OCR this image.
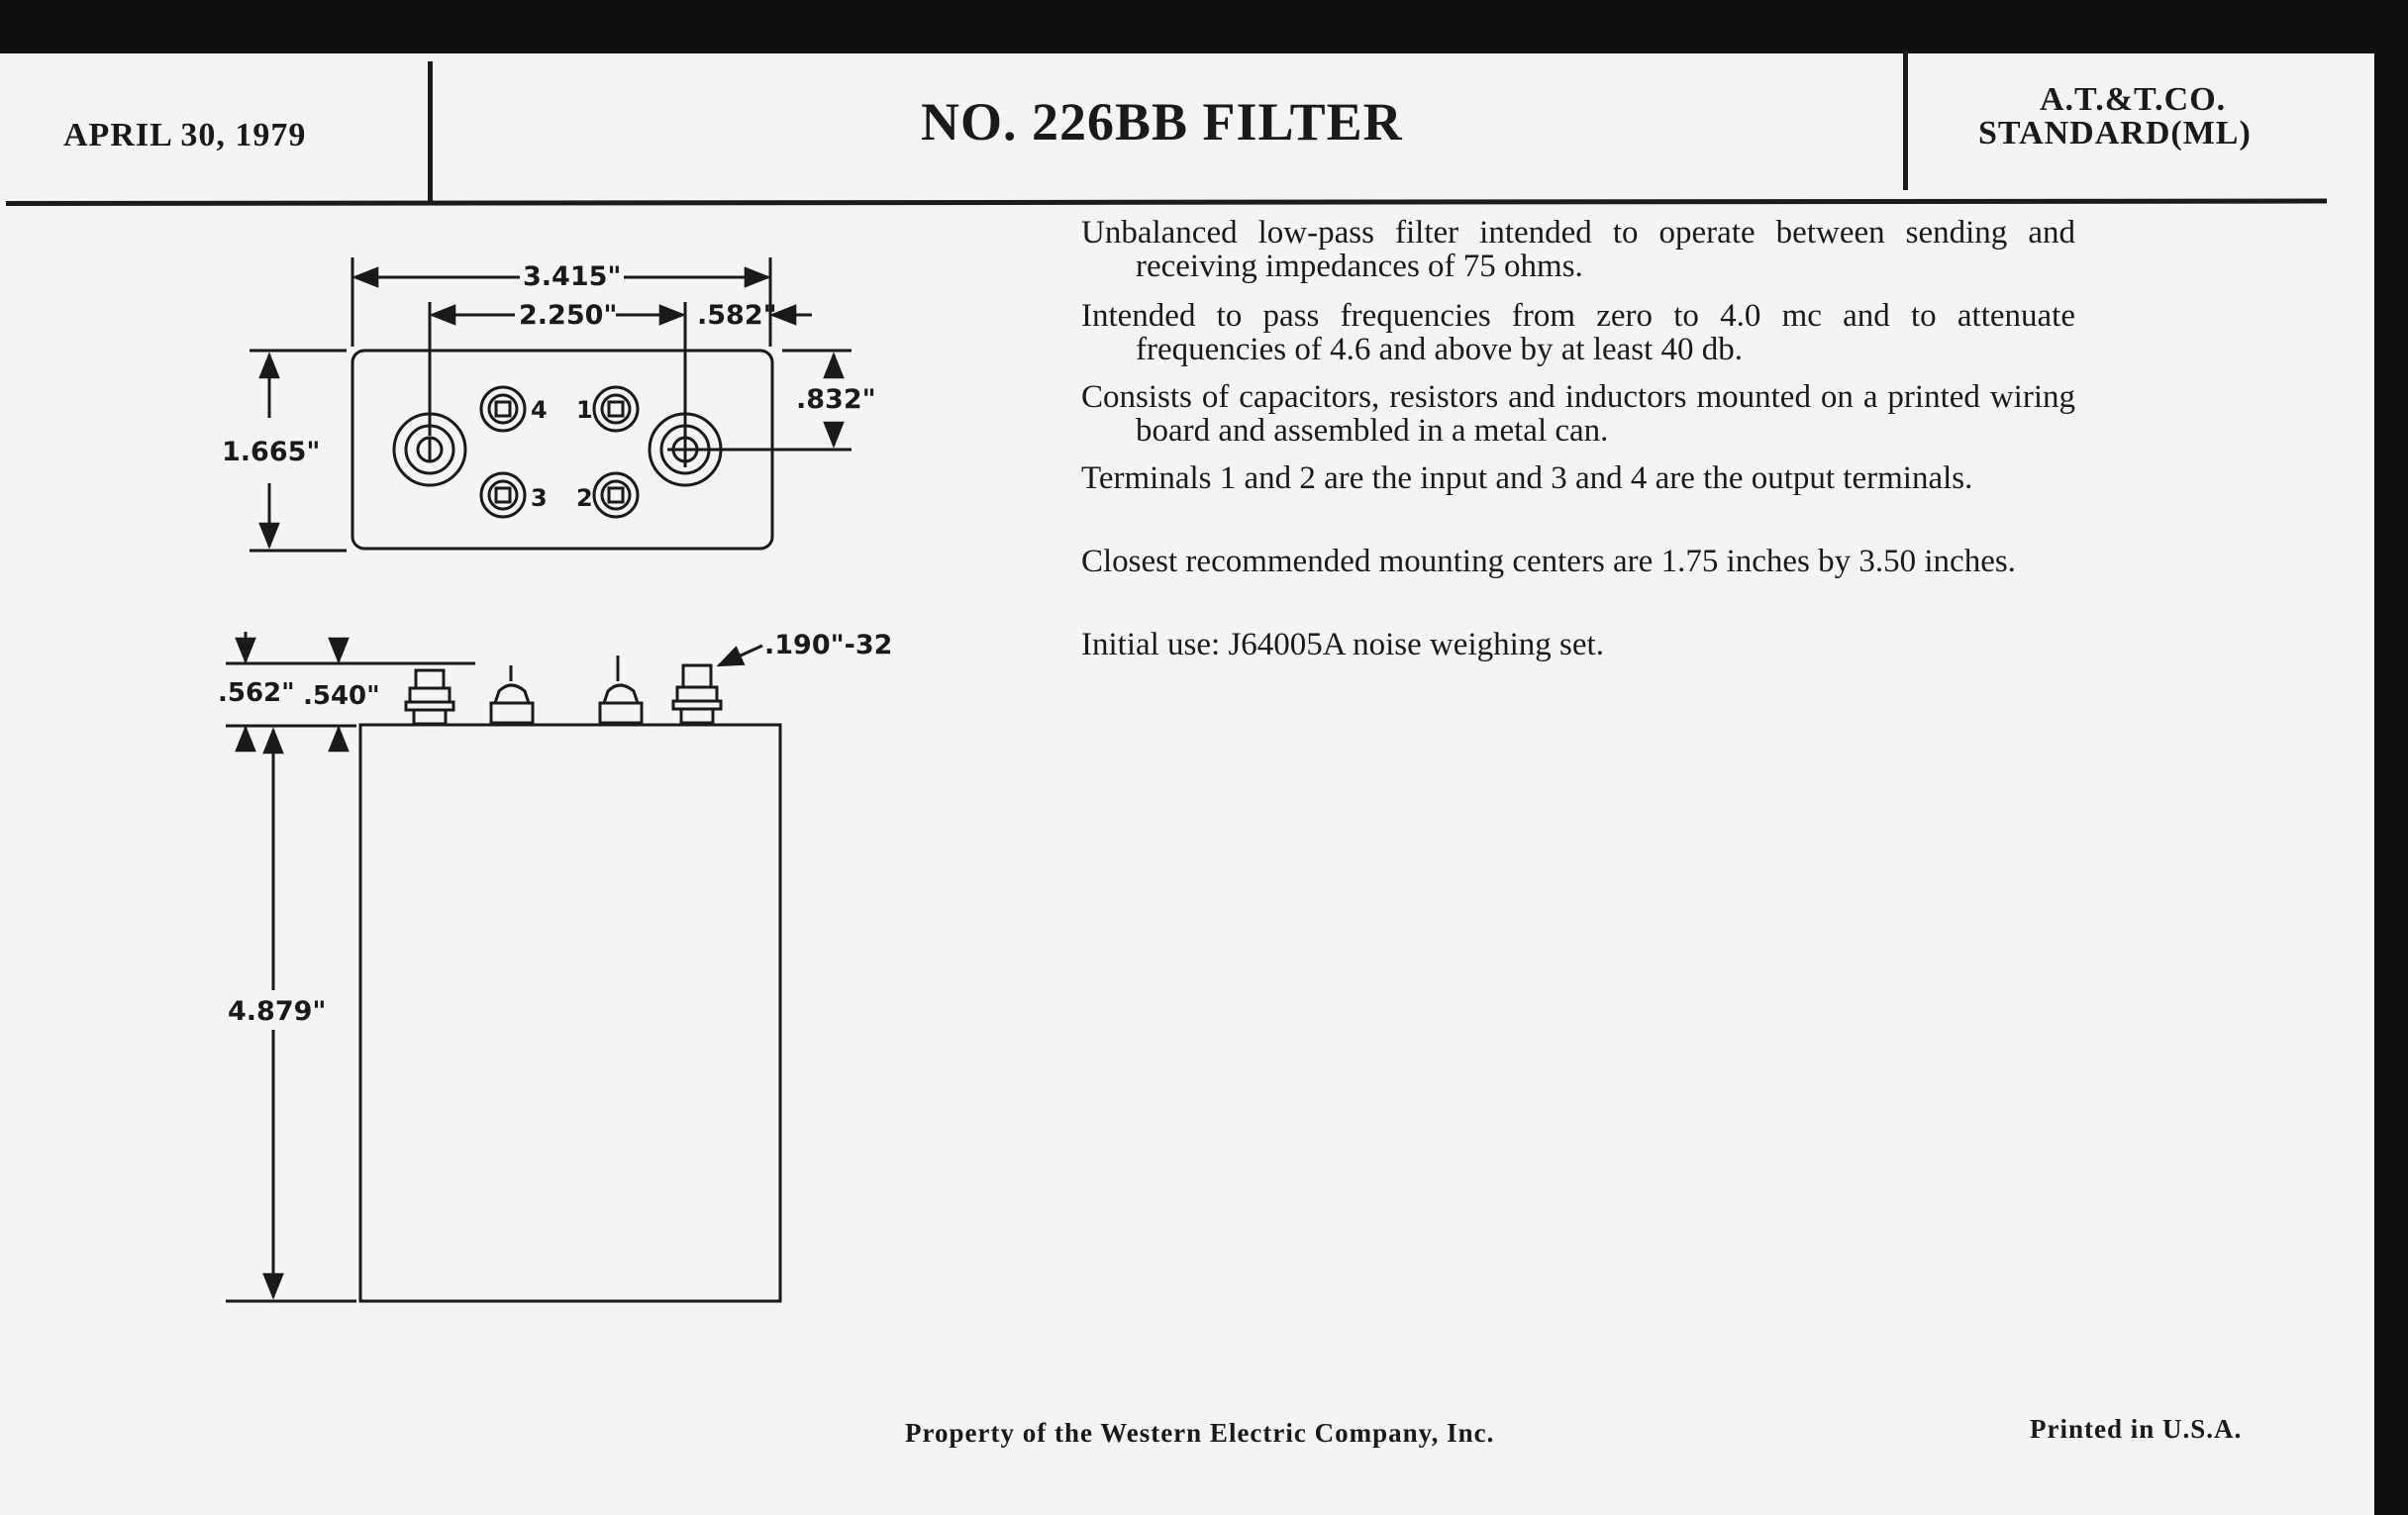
APRIL 30, 1979	NO. 226BB FILTER	A.T.&T.CO.
STANDARD(ML)
3.415"
2.250"	.582"
1.665"
.832"
4 1
3 2
.562" .540"
.190"-32
4.879"
Unbalanced low-pass filter intended to operate between sending and receiving impedances of 75 ohms.
Intended to pass frequencies from zero to 4.0 mc and to attenuate frequencies of 4.6 and above by at least 40 db.
Consists of capacitors, resistors and inductors mounted on a printed wiring board and assembled in a metal can.
Terminals 1 and 2 are the input and 3 and 4 are the output terminals.
Closest recommended mounting centers are 1.75 inches by 3.50 inches.
Initial use: J64005A noise weighing set.
Property of the Western Electric Company, Inc.	Printed in U.S.A.
